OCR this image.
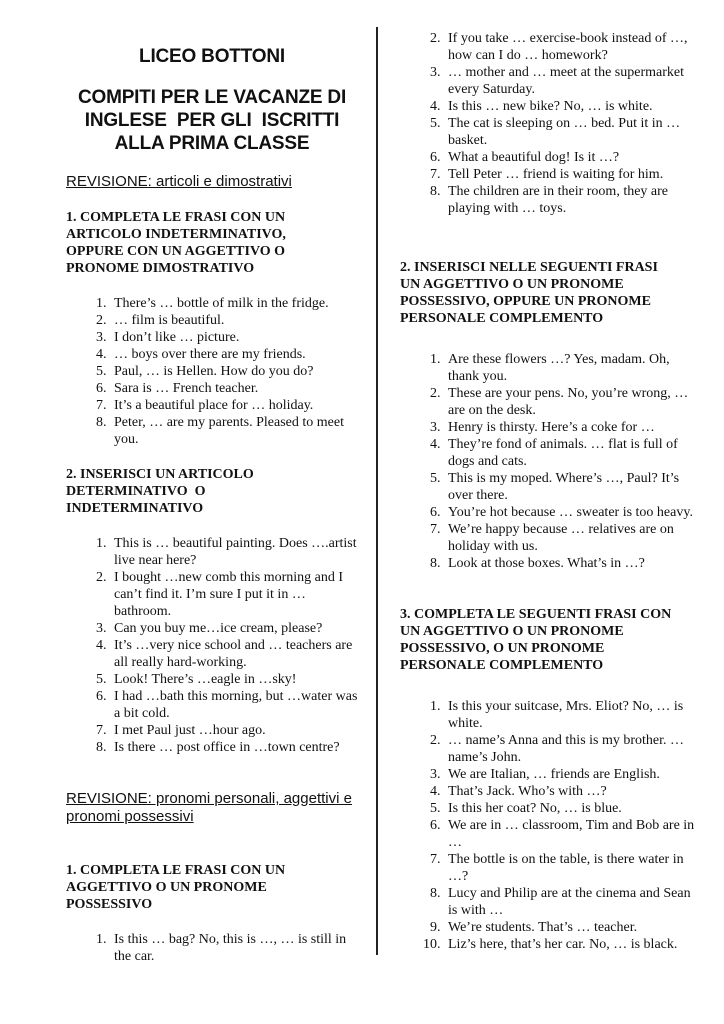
LICEO BOTTONI
COMPITI PER LE VACANZE DI
INGLESE  PER GLI  ISCRITTI
ALLA PRIMA CLASSE

REVISIONE: articoli e dimostrativi

1. COMPLETA LE FRASI CON UN
ARTICOLO INDETERMINATIVO,
OPPURE CON UN AGGETTIVO O
PRONOME DIMOSTRATIVO
1. There’s … bottle of milk in the fridge.
2. … film is beautiful.
3. I don’t like … picture.
4. … boys over there are my friends.
5. Paul, … is Hellen. How do you do?
6. Sara is … French teacher.
7. It’s a beautiful place for … holiday.
8. Peter, … are my parents. Pleased to meet you.
2. INSERISCI UN ARTICOLO
DETERMINATIVO  O
INDETERMINATIVO
1. This is … beautiful painting. Does ….artist live near here?
2. I bought …new comb this morning and I can’t find it. I’m sure I put it in …bathroom.
3. Can you buy me…ice cream, please?
4. It’s …very nice school and … teachers are all really hard-working.
5. Look! There’s …eagle in …sky!
6. I had …bath this morning, but …water was a bit cold.
7. I met Paul just …hour ago.
8. Is there … post office in …town centre?

REVISIONE: pronomi personali, aggettivi e pronomi possessivi

1. COMPLETA LE FRASI CON UN
AGGETTIVO O UN PRONOME
POSSESSIVO
1. Is this … bag? No, this is …, … is still in the car.
2. If you take … exercise-book instead of …, how can I do … homework?
3. … mother and … meet at the supermarket every Saturday.
4. Is this … new bike? No, … is white.
5. The cat is sleeping on … bed. Put it in … basket.
6. What a beautiful dog! Is it …?
7. Tell Peter … friend is waiting for him.
8. The children are in their room, they are playing with … toys.
2. INSERISCI NELLE SEGUENTI FRASI
UN AGGETTIVO O UN PRONOME
POSSESSIVO, OPPURE UN PRONOME
PERSONALE COMPLEMENTO
1. Are these flowers …? Yes, madam. Oh, thank you.
2. These are your pens. No, you’re wrong, … are on the desk.
3. Henry is thirsty. Here’s a coke for …
4. They’re fond of animals. … flat is full of dogs and cats.
5. This is my moped. Where’s …, Paul? It’s over there.
6. You’re hot because … sweater is too heavy.
7. We’re happy because … relatives are on holiday with us.
8. Look at those boxes. What’s in …?
3. COMPLETA LE SEGUENTI FRASI CON
UN AGGETTIVO O UN PRONOME
POSSESSIVO, O UN PRONOME
PERSONALE COMPLEMENTO
1. Is this your suitcase, Mrs. Eliot? No, … is white.
2. … name’s Anna and this is my brother. … name’s John.
3. We are Italian, … friends are English.
4. That’s Jack. Who’s with …?
5. Is this her coat? No, … is blue.
6. We are in … classroom, Tim and Bob are in …
7. The bottle is on the table, is there water in …?
8. Lucy and Philip are at the cinema and Sean is with …
9. We’re students. That’s … teacher.
10. Liz’s here, that’s her car. No, … is black.
